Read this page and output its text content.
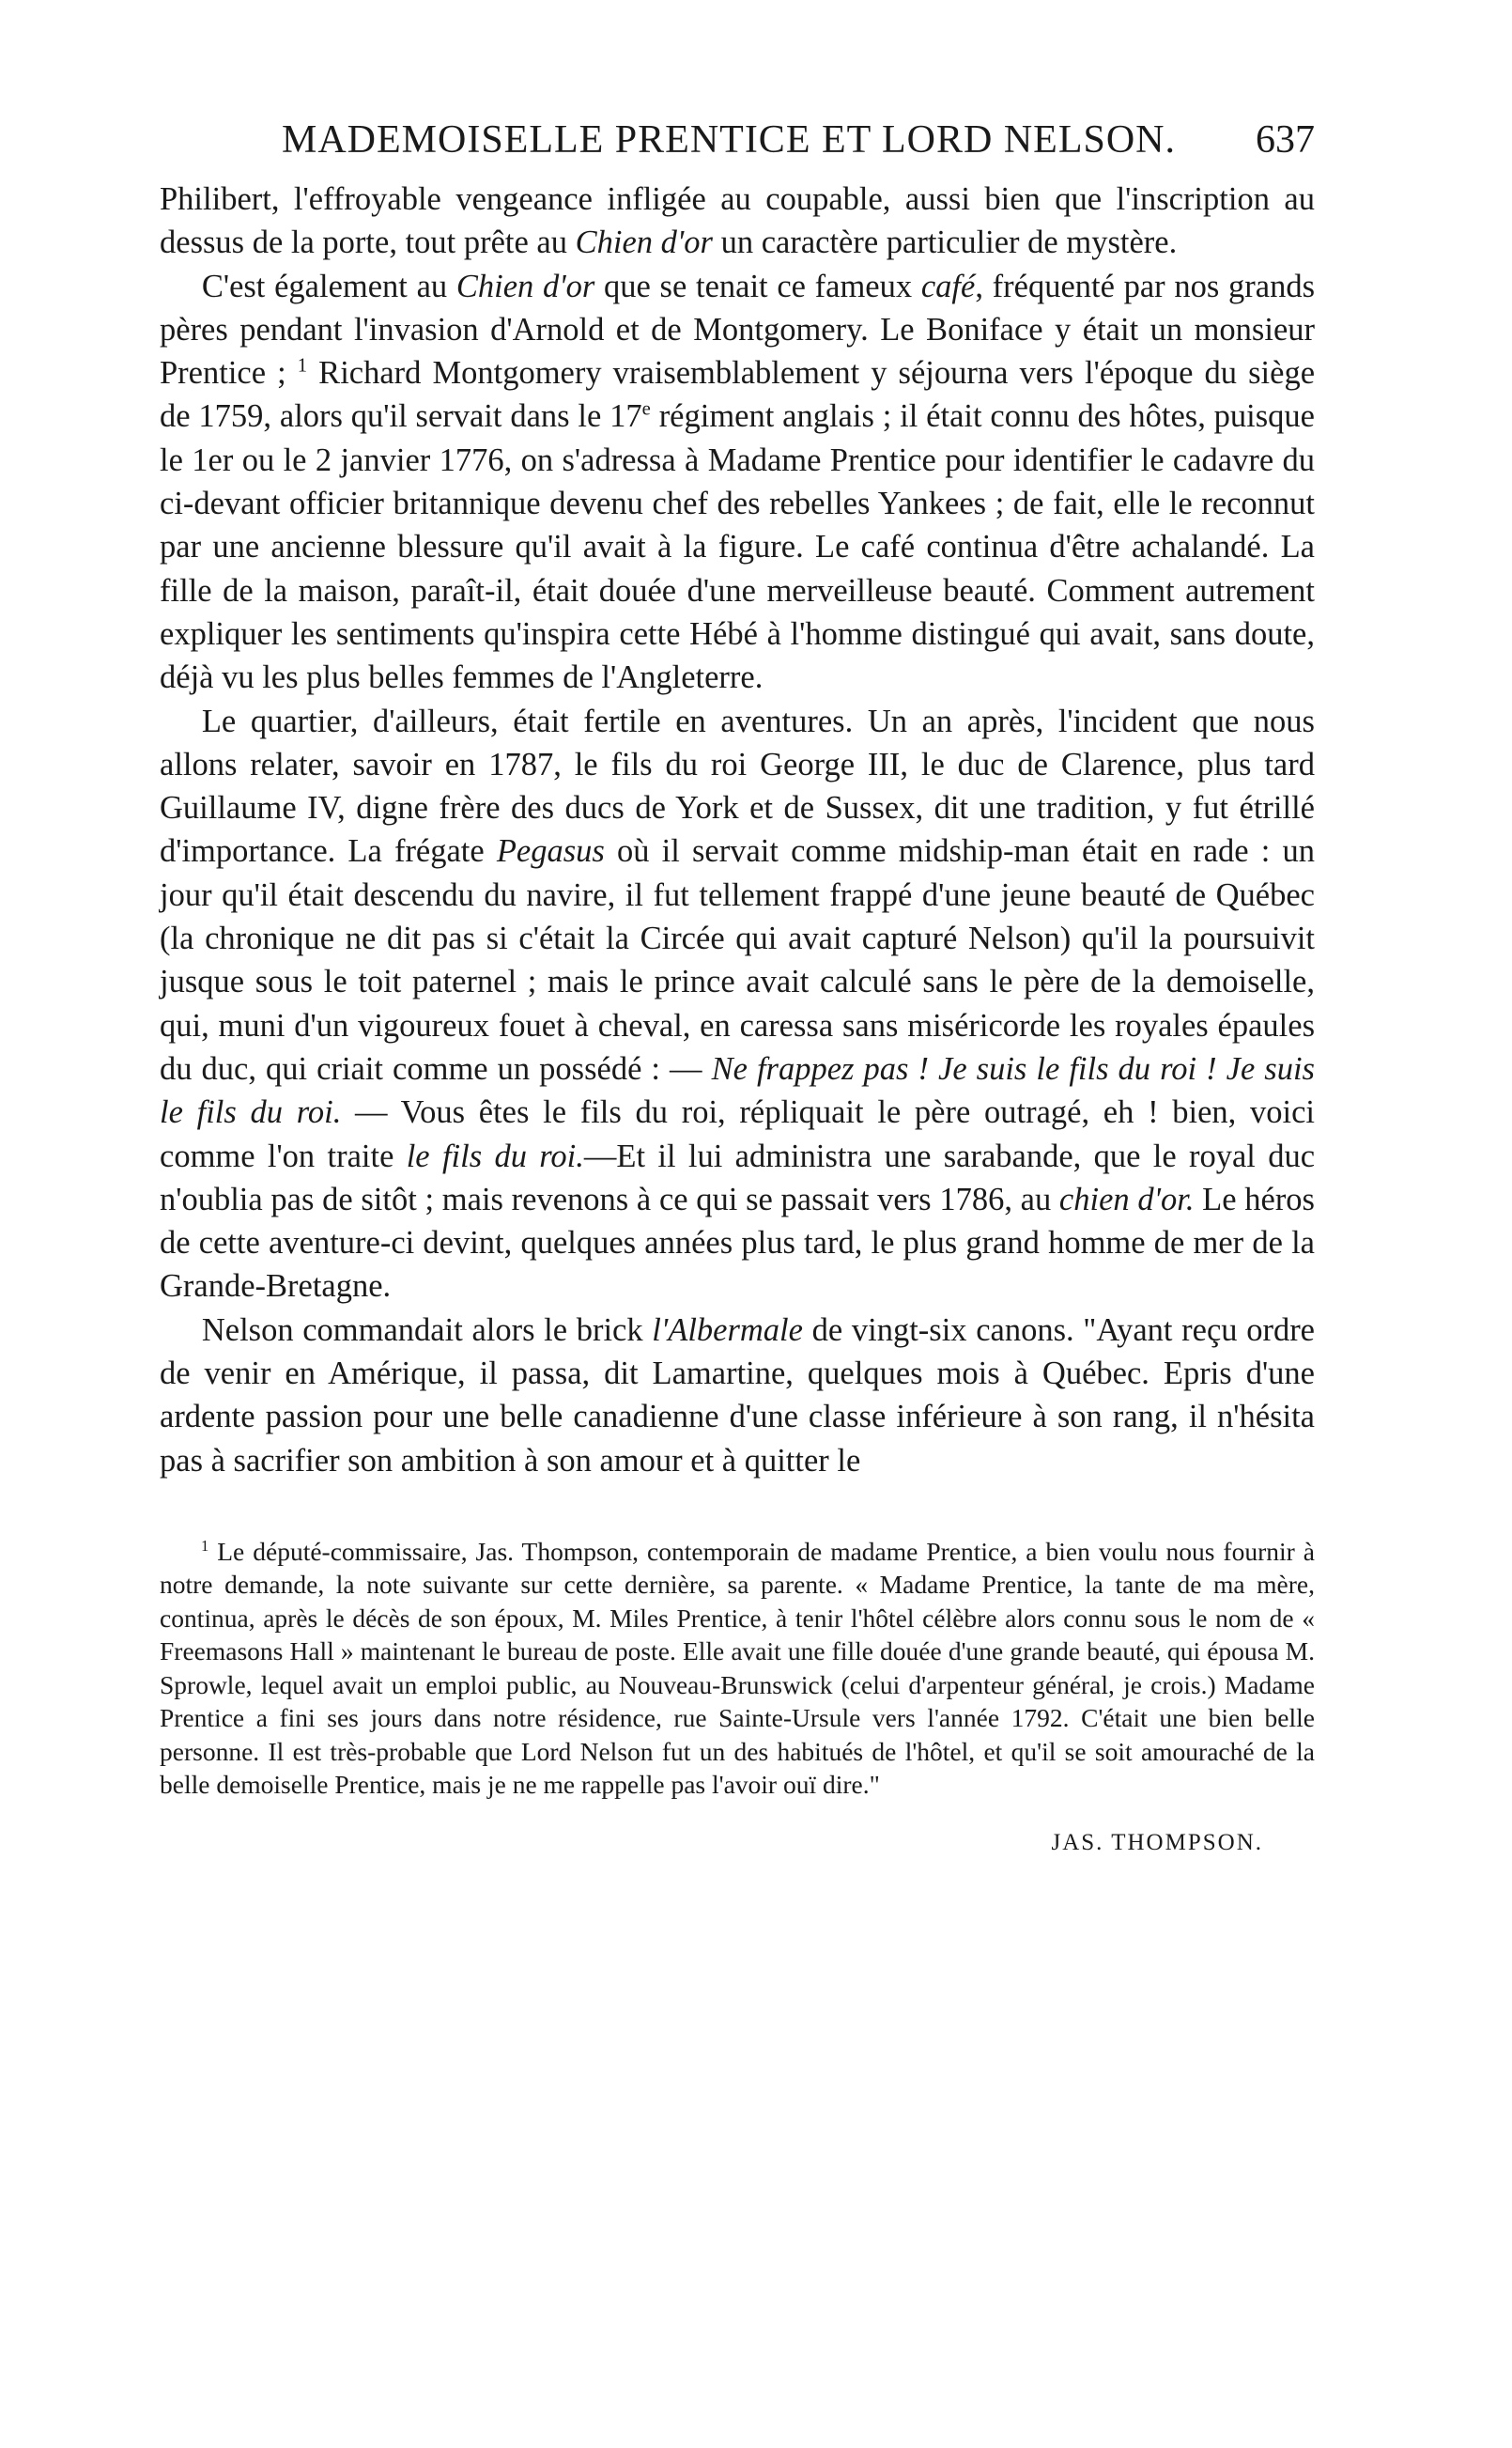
MADEMOISELLE PRENTICE ET LORD NELSON. 637

Philibert, l'effroyable vengeance infligée au coupable, aussi bien que l'inscription au dessus de la porte, tout prête au Chien d'or un caractère particulier de mystère.

C'est également au Chien d'or que se tenait ce fameux café, fréquenté par nos grands pères pendant l'invasion d'Arnold et de Montgomery. Le Boniface y était un monsieur Prentice ; $^1$ Richard Montgomery vraisemblablement y séjourna vers l'époque du siège de 1759, alors qu'il servait dans le 17e régiment anglais ; il était connu des hôtes, puisque le 1er ou le 2 janvier 1776, on s'adressa à Madame Prentice pour identifier le cadavre du ci-devant officier britannique devenu chef des rebelles Yankees ; de fait, elle le reconnut par une ancienne blessure qu'il avait à la figure. Le café continua d'être achalandé. La fille de la maison, paraît-il, était douée d'une merveilleuse beauté. Comment autrement expliquer les sentiments qu'inspira cette Hébé à l'homme distingué qui avait, sans doute, déjà vu les plus belles femmes de l'Angleterre.

Le quartier, d'ailleurs, était fertile en aventures. Un an après, l'incident que nous allons relater, savoir en 1787, le fils du roi George III, le duc de Clarence, plus tard Guillaume IV, digne frère des ducs de York et de Sussex, dit une tradition, y fut étrillé d'importance. La frégate Pegasus où il servait comme midship-man était en rade : un jour qu'il était descendu du navire, il fut tellement frappé d'une jeune beauté de Québec (la chronique ne dit pas si c'était la Circée qui avait capturé Nelson) qu'il la poursuivit jusque sous le toit paternel ; mais le prince avait calculé sans le père de la demoiselle, qui, muni d'un vigoureux fouet à cheval, en caressa sans miséricorde les royales épaules du duc, qui criait comme un possédé : — Ne frappez pas ! Je suis le fils du roi ! Je suis le fils du roi. — Vous êtes le fils du roi, répliquait le père outragé, eh ! bien, voici comme l'on traite le fils du roi.—Et il lui administra une sarabande, que le royal duc n'oublia pas de sitôt ; mais revenons à ce qui se passait vers 1786, au chien d'or. Le héros de cette aventure-ci devint, quelques années plus tard, le plus grand homme de mer de la Grande-Bretagne.

Nelson commandait alors le brick l'Albermale de vingt-six canons. "Ayant reçu ordre de venir en Amérique, il passa, dit Lamartine, quelques mois à Québec. Epris d'une ardente passion pour une belle canadienne d'une classe inférieure à son rang, il n'hésita pas à sacrifier son ambition à son amour et à quitter le

$^1$ Le député-commissaire, Jas. Thompson, contemporain de madame Prentice, a bien voulu nous fournir à notre demande, la note suivante sur cette dernière, sa parente. « Madame Prentice, la tante de ma mère, continua, après le décès de son époux, M. Miles Prentice, à tenir l'hôtel célèbre alors connu sous le nom de « Freemasons Hall » maintenant le bureau de poste. Elle avait une fille douée d'une grande beauté, qui épousa M. Sprowle, lequel avait un emploi public, au Nouveau-Brunswick (celui d'arpenteur général, je crois.) Madame Prentice a fini ses jours dans notre résidence, rue Sainte-Ursule vers l'année 1792. C'était une bien belle personne. Il est très-probable que Lord Nelson fut un des habitués de l'hôtel, et qu'il se soit amouraché de la belle demoiselle Prentice, mais je ne me rappelle pas l'avoir ouï dire."

JAS. THOMPSON.
